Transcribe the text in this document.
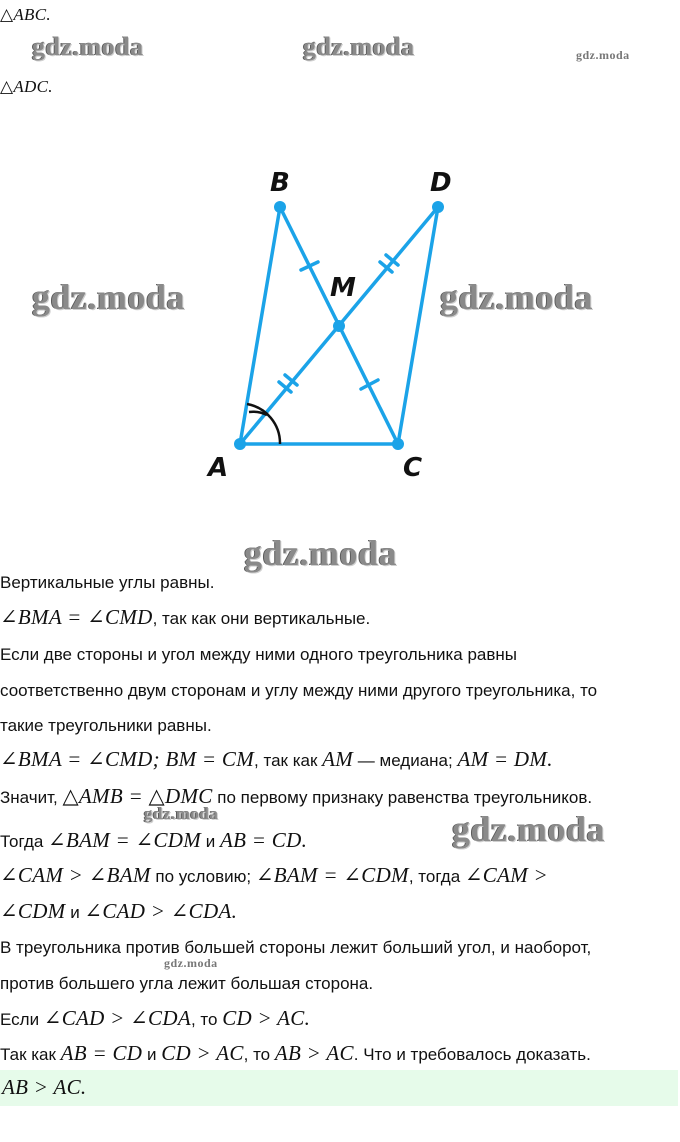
△ABC.
△ADC.
gdz.moda	gdz.moda	gdz.moda
gdz.moda	gdz.moda
gdz.moda
gdz.moda	gdz.moda
gdz.moda
B	D
M
A	C
Вертикальные углы равны.
∠BMA = ∠CMD, так как они вертикальные.
Если две стороны и угол между ними одного треугольника равны
соответственно двум сторонам и углу между ними другого треугольника, то
такие треугольники равны.
∠BMA = ∠CMD; BM = CM, так как AM — медиана; AM = DM.
Значит, △AMB = △DMC по первому признаку равенства треугольников.
Тогда ∠BAM = ∠CDM и AB = CD.
∠CAM > ∠BAM по условию; ∠BAM = ∠CDM, тогда ∠CAM >
∠CDM и ∠CAD > ∠CDA.
В треугольника против большей стороны лежит больший угол, и наоборот,
против большего угла лежит большая сторона.
Если ∠CAD > ∠CDA, то CD > AC.
Так как AB = CD и CD > AC, то AB > AC. Что и требовалось доказать.
AB > AC.
